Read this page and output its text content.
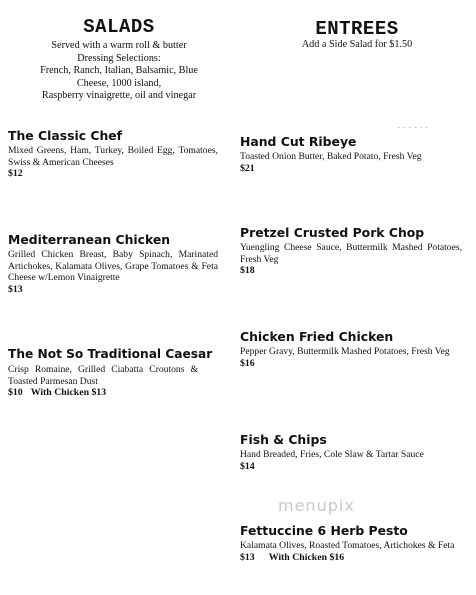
SALADS
Served with a warm roll & butter
Dressing Selections:
French, Ranch, Italian, Balsamic, Blue
Cheese, 1000 island,
Raspberry vinaigrette, oil and vinegar
The Classic Chef
Mixed Greens, Ham, Turkey, Boiled Egg, Tomatoes, Swiss & American Cheeses
$12
Mediterranean Chicken
Grilled Chicken Breast, Baby Spinach, Marinated Artichokes, Kalamata Olives, Grape Tomatoes & Feta Cheese w/Lemon Vinaigrette
$13
The Not So Traditional Caesar
Crisp Romaine, Grilled Ciabatta Croutons & Toasted Parmesan Dust
$10 With Chicken $13
ENTREES
Add a Side Salad for $1.50
Hand Cut Ribeye
Toasted Onion Butter, Baked Potato, Fresh Veg
$21
Pretzel Crusted Pork Chop
Yuengling Cheese Sauce, Buttermilk Mashed Potatoes, Fresh Veg
$18
Chicken Fried Chicken
Pepper Gravy, Buttermilk Mashed Potatoes, Fresh Veg
$16
Fish & Chips
Hand Breaded, Fries, Cole Slaw & Tartar Sauce
$14
Fettuccine 6 Herb Pesto
Kalamata Olives, Roasted Tomatoes, Artichokes & Feta
$13 With Chicken $16
- - - - - -
menupix
